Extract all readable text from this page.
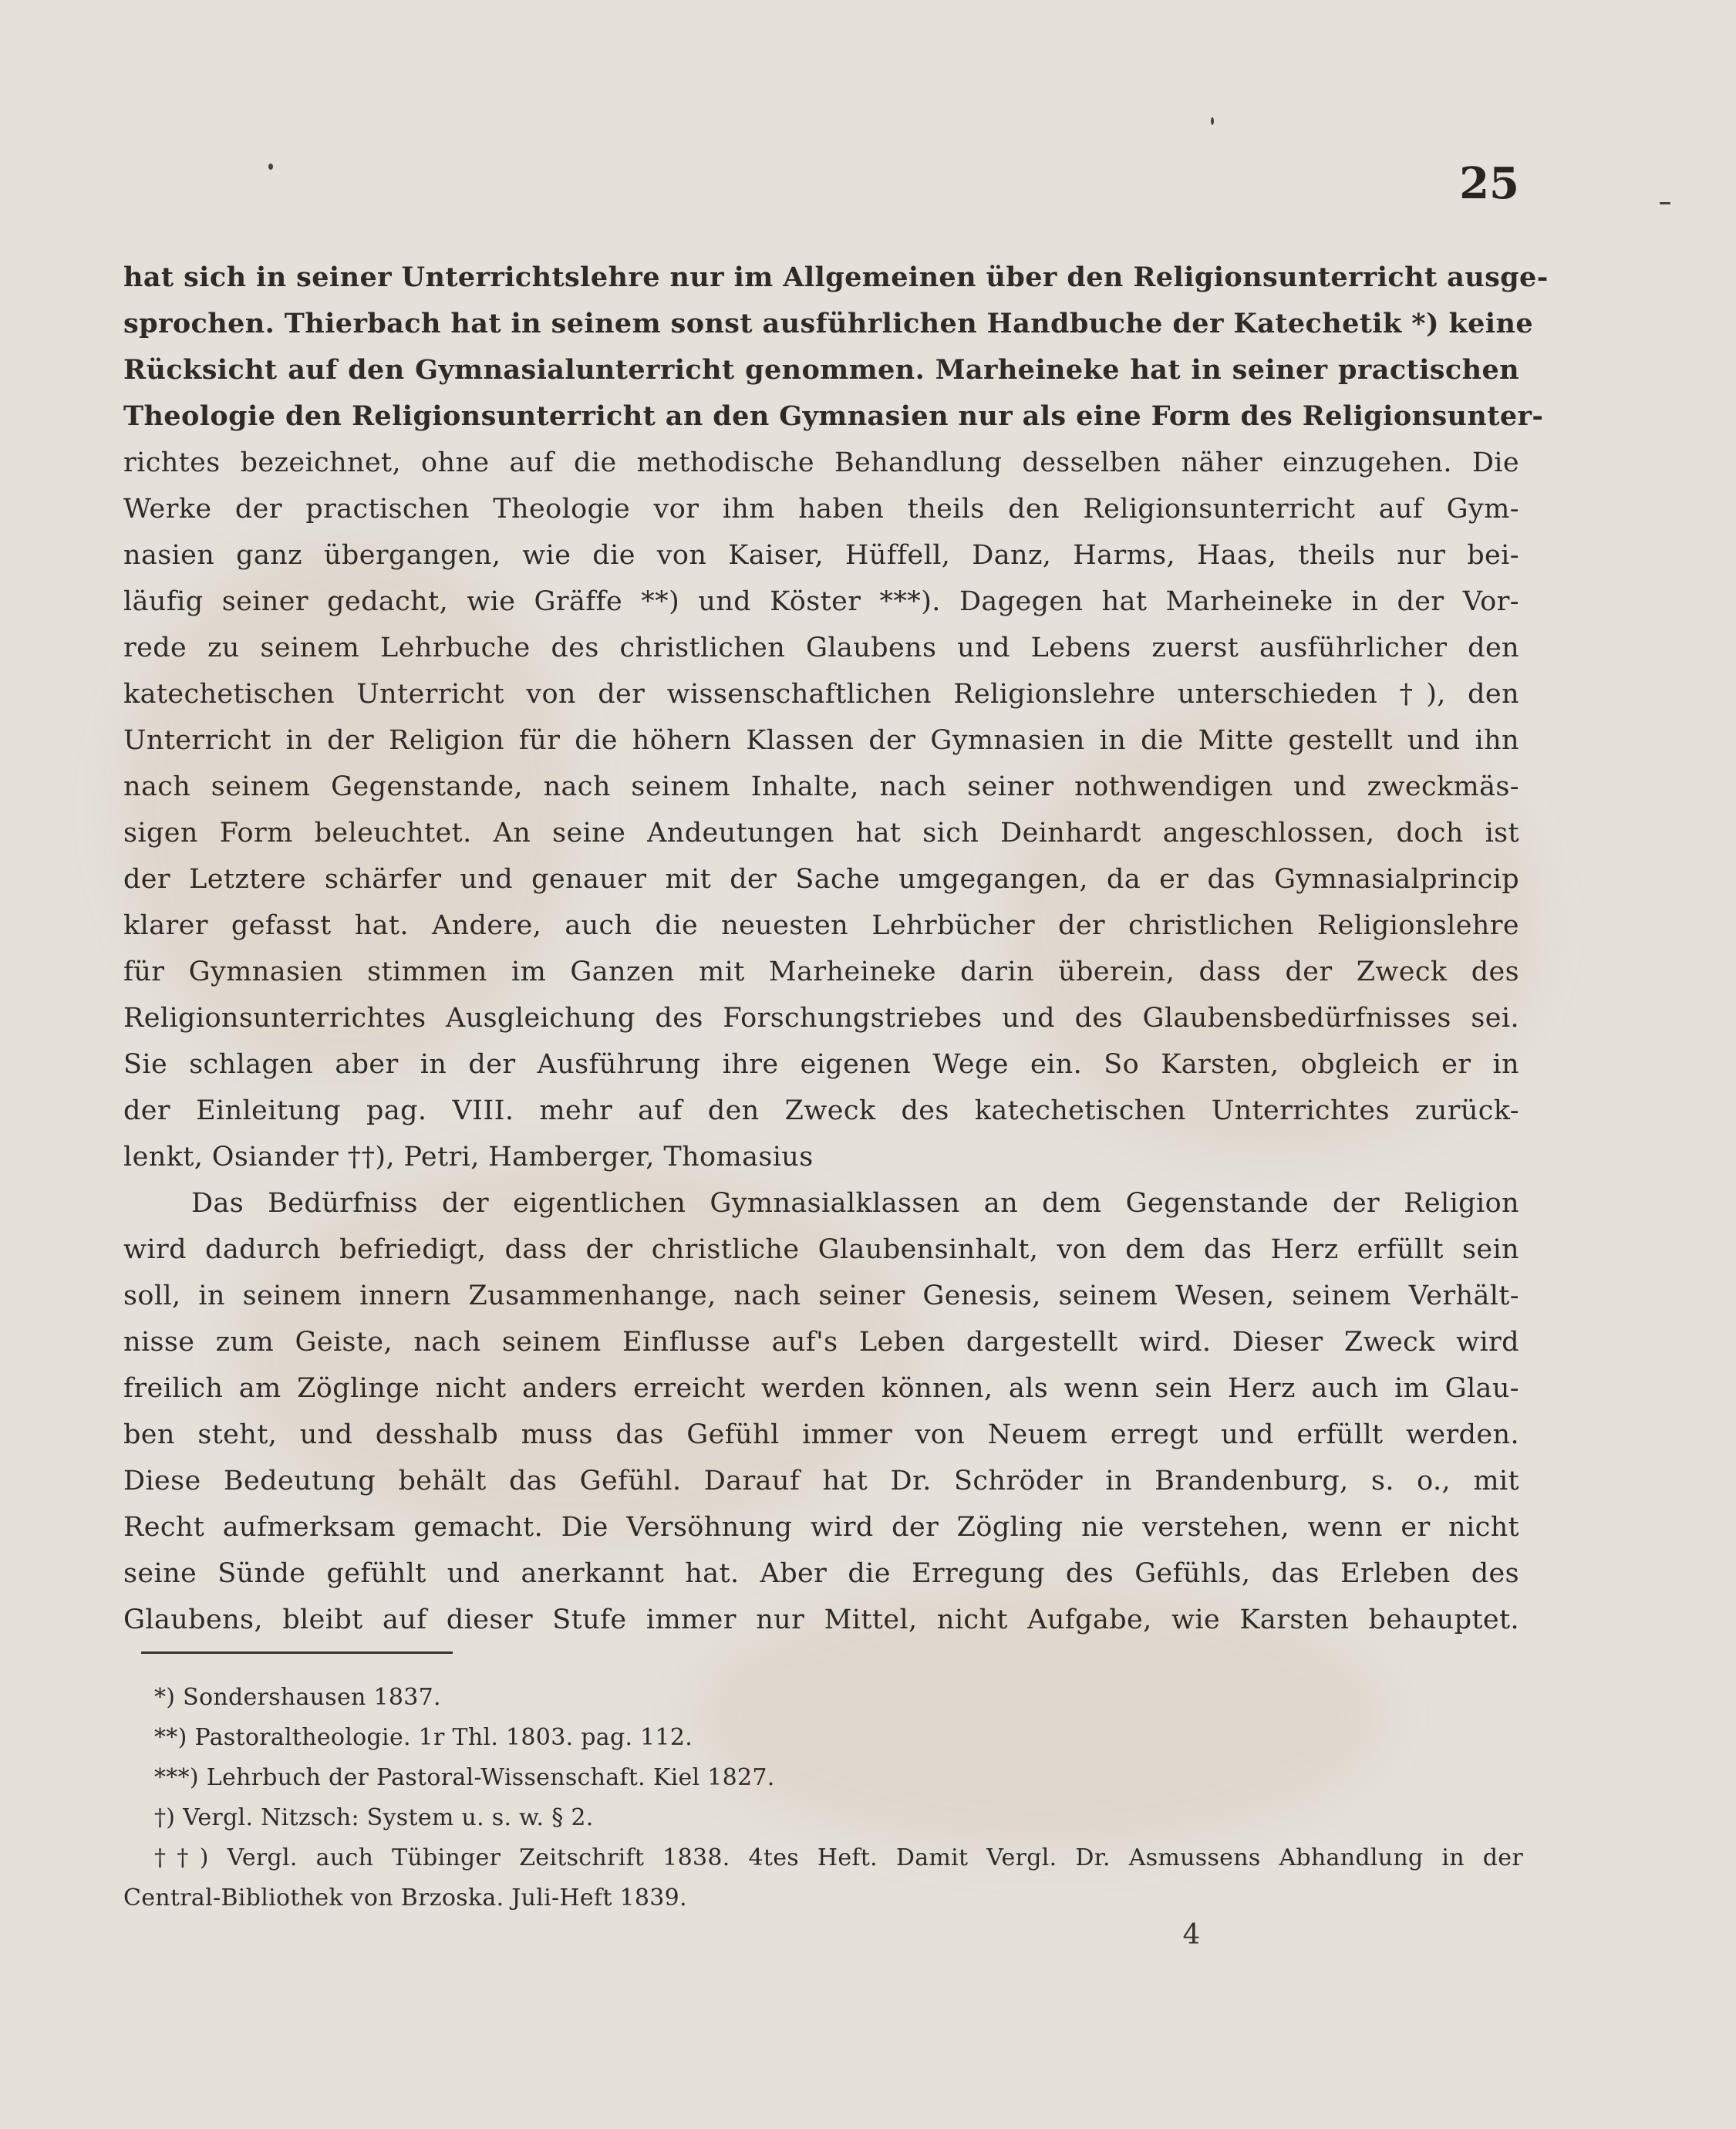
25
hat sich in seiner Unterrichtslehre nur im Allgemeinen über den Religionsunterricht ausge-
sprochen. Thierbach hat in seinem sonst ausführlichen Handbuche der Katechetik *) keine
Rücksicht auf den Gymnasialunterricht genommen. Marheineke hat in seiner practischen
Theologie den Religionsunterricht an den Gymnasien nur als eine Form des Religionsunter-
richtes bezeichnet, ohne auf die methodische Behandlung desselben näher einzugehen. Die
Werke der practischen Theologie vor ihm haben theils den Religionsunterricht auf Gym-
nasien ganz übergangen, wie die von Kaiser, Hüffell, Danz, Harms, Haas, theils nur bei-
läufig seiner gedacht, wie Gräffe **) und Köster ***). Dagegen hat Marheineke in der Vor-
rede zu seinem Lehrbuche des christlichen Glaubens und Lebens zuerst ausführlicher den
katechetischen Unterricht von der wissenschaftlichen Religionslehre unterschieden †), den
Unterricht in der Religion für die höhern Klassen der Gymnasien in die Mitte gestellt und ihn
nach seinem Gegenstande, nach seinem Inhalte, nach seiner nothwendigen und zweckmäs-
sigen Form beleuchtet. An seine Andeutungen hat sich Deinhardt angeschlossen, doch ist
der Letztere schärfer und genauer mit der Sache umgegangen, da er das Gymnasialprincip
klarer gefasst hat. Andere, auch die neuesten Lehrbücher der christlichen Religionslehre
für Gymnasien stimmen im Ganzen mit Marheineke darin überein, dass der Zweck des
Religionsunterrichtes Ausgleichung des Forschungstriebes und des Glaubensbedürfnisses sei.
Sie schlagen aber in der Ausführung ihre eigenen Wege ein. So Karsten, obgleich er in
der Einleitung pag. VIII. mehr auf den Zweck des katechetischen Unterrichtes zurück-
lenkt, Osiander ††), Petri, Hamberger, Thomasius
Das Bedürfniss der eigentlichen Gymnasialklassen an dem Gegenstande der Religion
wird dadurch befriedigt, dass der christliche Glaubensinhalt, von dem das Herz erfüllt sein
soll, in seinem innern Zusammenhange, nach seiner Genesis, seinem Wesen, seinem Verhält-
nisse zum Geiste, nach seinem Einflusse auf's Leben dargestellt wird. Dieser Zweck wird
freilich am Zöglinge nicht anders erreicht werden können, als wenn sein Herz auch im Glau-
ben steht, und desshalb muss das Gefühl immer von Neuem erregt und erfüllt werden.
Diese Bedeutung behält das Gefühl. Darauf hat Dr. Schröder in Brandenburg, s. o., mit
Recht aufmerksam gemacht. Die Versöhnung wird der Zögling nie verstehen, wenn er nicht
seine Sünde gefühlt und anerkannt hat. Aber die Erregung des Gefühls, das Erleben des
Glaubens, bleibt auf dieser Stufe immer nur Mittel, nicht Aufgabe, wie Karsten behauptet.
*) Sondershausen 1837.
**) Pastoraltheologie. 1r Thl. 1803. pag. 112.
***) Lehrbuch der Pastoral-Wissenschaft. Kiel 1827.
†) Vergl. Nitzsch: System u. s. w. § 2.
††) Vergl. auch Tübinger Zeitschrift 1838. 4tes Heft. Damit Vergl. Dr. Asmussens Abhandlung in der
Central-Bibliothek von Brzoska. Juli-Heft 1839.
4
